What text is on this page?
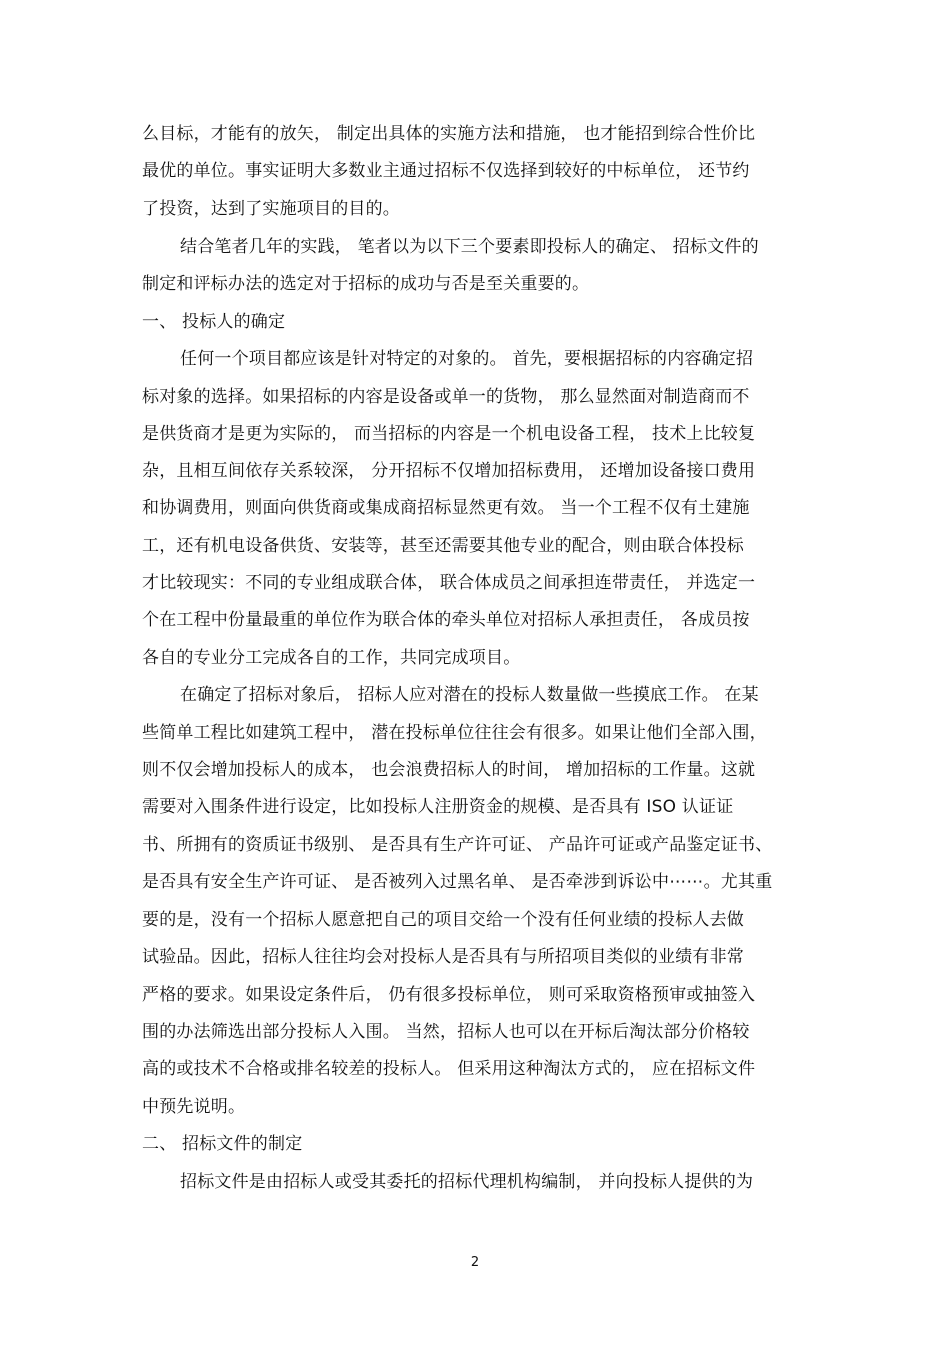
么目标，才能有的放矢， 制定出具体的实施方法和措施， 也才能招到综合性价比
最优的单位。事实证明大多数业主通过招标不仅选择到较好的中标单位， 还节约
了投资，达到了实施项目的目的。
结合笔者几年的实践， 笔者以为以下三个要素即投标人的确定、 招标文件的
制定和评标办法的选定对于招标的成功与否是至关重要的。
一、 投标人的确定
任何一个项目都应该是针对特定的对象的。 首先，要根据招标的内容确定招
标对象的选择。如果招标的内容是设备或单一的货物， 那么显然面对制造商而不
是供货商才是更为实际的， 而当招标的内容是一个机电设备工程， 技术上比较复
杂，且相互间依存关系较深， 分开招标不仅增加招标费用， 还增加设备接口费用
和协调费用，则面向供货商或集成商招标显然更有效。 当一个工程不仅有土建施
工，还有机电设备供货、安装等，甚至还需要其他专业的配合，则由联合体投标
才比较现实：不同的专业组成联合体， 联合体成员之间承担连带责任， 并选定一
个在工程中份量最重的单位作为联合体的牵头单位对招标人承担责任， 各成员按
各自的专业分工完成各自的工作，共同完成项目。
在确定了招标对象后， 招标人应对潜在的投标人数量做一些摸底工作。 在某
些简单工程比如建筑工程中， 潜在投标单位往往会有很多。如果让他们全部入围，
则不仅会增加投标人的成本， 也会浪费招标人的时间， 增加招标的工作量。这就
需要对入围条件进行设定，比如投标人注册资金的规模、是否具有 ISO 认证证
书、所拥有的资质证书级别、 是否具有生产许可证、 产品许可证或产品鉴定证书、
是否具有安全生产许可证、 是否被列入过黑名单、 是否牵涉到诉讼中⋯⋯。尤其重
要的是，没有一个招标人愿意把自己的项目交给一个没有任何业绩的投标人去做
试验品。因此，招标人往往均会对投标人是否具有与所招项目类似的业绩有非常
严格的要求。如果设定条件后， 仍有很多投标单位， 则可采取资格预审或抽签入
围的办法筛选出部分投标人入围。 当然，招标人也可以在开标后淘汰部分价格较
高的或技术不合格或排名较差的投标人。 但采用这种淘汰方式的， 应在招标文件
中预先说明。
二、 招标文件的制定
招标文件是由招标人或受其委托的招标代理机构编制， 并向投标人提供的为
2
